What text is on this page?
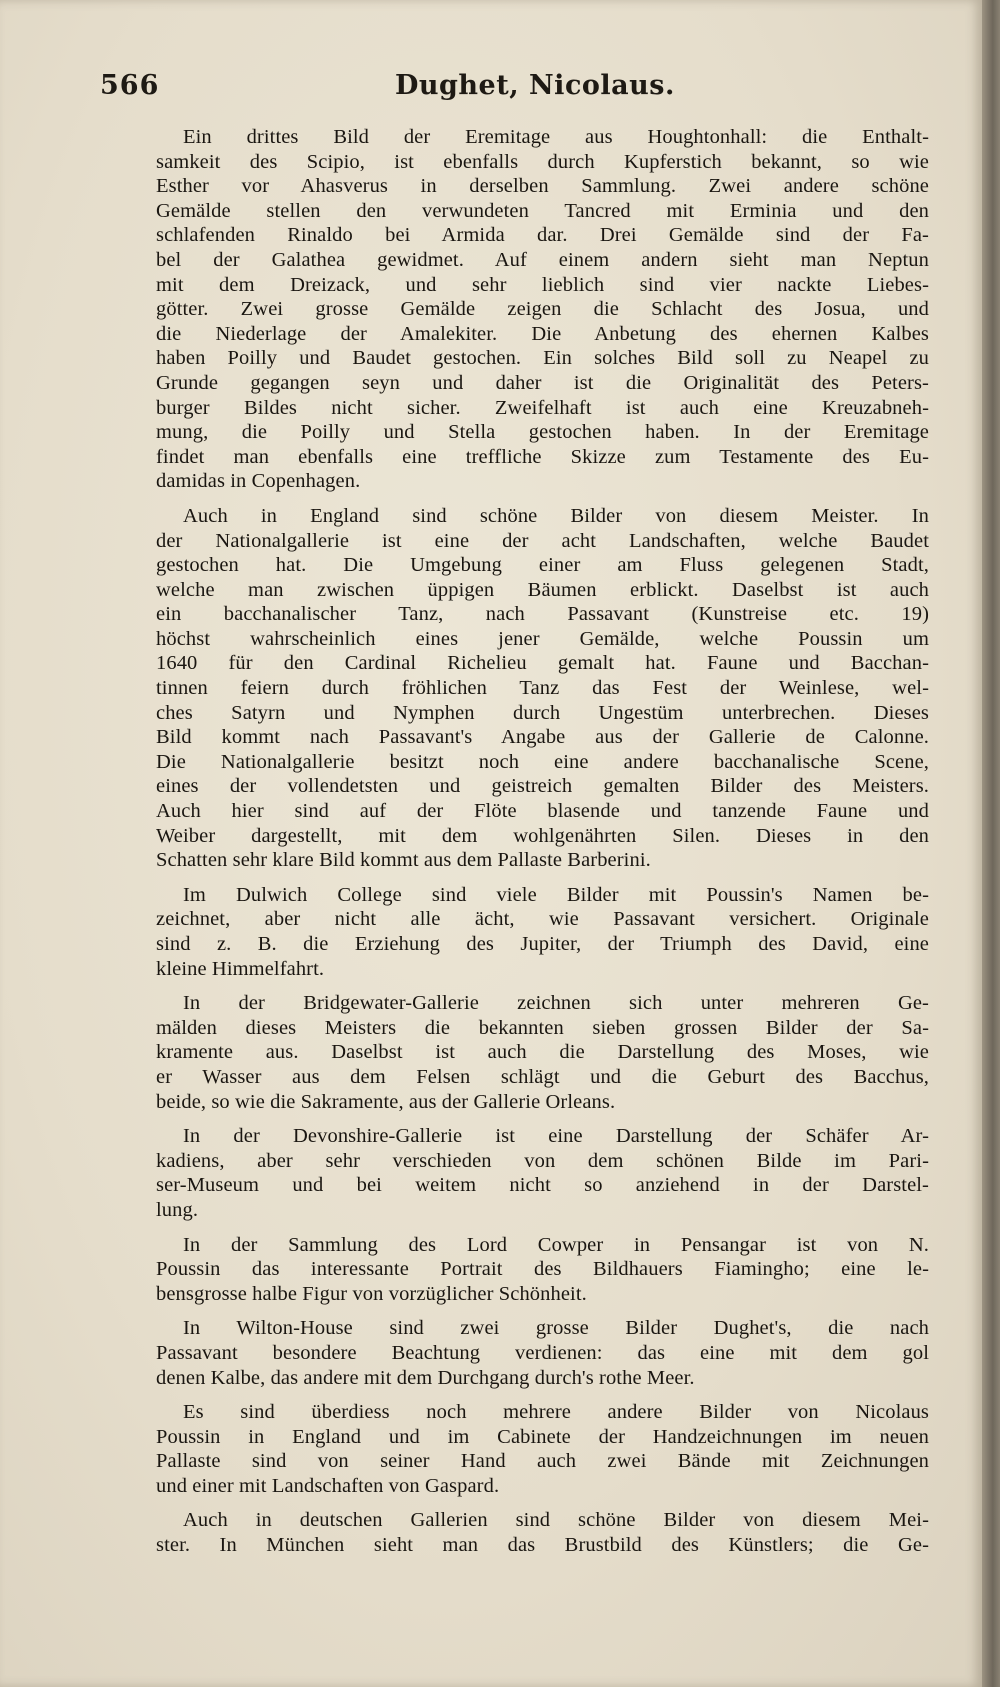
566	Dughet, Nicolaus.
Ein drittes Bild der Eremitage aus Houghtonhall: die Enthalt-
samkeit des Scipio, ist ebenfalls durch Kupferstich bekannt, so wie
Esther vor Ahasverus in derselben Sammlung. Zwei andere schöne
Gemälde stellen den verwundeten Tancred mit Erminia und den
schlafenden Rinaldo bei Armida dar. Drei Gemälde sind der Fa-
bel der Galathea gewidmet. Auf einem andern sieht man Neptun
mit dem Dreizack, und sehr lieblich sind vier nackte Liebes-
götter. Zwei grosse Gemälde zeigen die Schlacht des Josua, und
die Niederlage der Amalekiter. Die Anbetung des ehernen Kalbes
haben Poilly und Baudet gestochen. Ein solches Bild soll zu Neapel zu
Grunde gegangen seyn und daher ist die Originalität des Peters-
burger Bildes nicht sicher. Zweifelhaft ist auch eine Kreuzabneh-
mung, die Poilly und Stella gestochen haben. In der Eremitage
findet man ebenfalls eine treffliche Skizze zum Testamente des Eu-
damidas in Copenhagen.
Auch in England sind schöne Bilder von diesem Meister. In
der Nationalgallerie ist eine der acht Landschaften, welche Baudet
gestochen hat. Die Umgebung einer am Fluss gelegenen Stadt,
welche man zwischen üppigen Bäumen erblickt. Daselbst ist auch
ein bacchanalischer Tanz, nach Passavant (Kunstreise etc. 19)
höchst wahrscheinlich eines jener Gemälde, welche Poussin um
1640 für den Cardinal Richelieu gemalt hat. Faune und Bacchan-
tinnen feiern durch fröhlichen Tanz das Fest der Weinlese, wel-
ches Satyrn und Nymphen durch Ungestüm unterbrechen. Dieses
Bild kommt nach Passavant's Angabe aus der Gallerie de Calonne.
Die Nationalgallerie besitzt noch eine andere bacchanalische Scene,
eines der vollendetsten und geistreich gemalten Bilder des Meisters.
Auch hier sind auf der Flöte blasende und tanzende Faune und
Weiber dargestellt, mit dem wohlgenährten Silen. Dieses in den
Schatten sehr klare Bild kommt aus dem Pallaste Barberini.
Im Dulwich College sind viele Bilder mit Poussin's Namen be-
zeichnet, aber nicht alle ächt, wie Passavant versichert. Originale
sind z. B. die Erziehung des Jupiter, der Triumph des David, eine
kleine Himmelfahrt.
In der Bridgewater-Gallerie zeichnen sich unter mehreren Ge-
mälden dieses Meisters die bekannten sieben grossen Bilder der Sa-
kramente aus. Daselbst ist auch die Darstellung des Moses, wie
er Wasser aus dem Felsen schlägt und die Geburt des Bacchus,
beide, so wie die Sakramente, aus der Gallerie Orleans.
In der Devonshire-Gallerie ist eine Darstellung der Schäfer Ar-
kadiens, aber sehr verschieden von dem schönen Bilde im Pari-
ser-Museum und bei weitem nicht so anziehend in der Darstel-
lung.
In der Sammlung des Lord Cowper in Pensangar ist von N.
Poussin das interessante Portrait des Bildhauers Fiamingho; eine le-
bensgrosse halbe Figur von vorzüglicher Schönheit.
In Wilton-House sind zwei grosse Bilder Dughet's, die nach
Passavant besondere Beachtung verdienen: das eine mit dem gol
denen Kalbe, das andere mit dem Durchgang durch's rothe Meer.
Es sind überdiess noch mehrere andere Bilder von Nicolaus
Poussin in England und im Cabinete der Handzeichnungen im neuen
Pallaste sind von seiner Hand auch zwei Bände mit Zeichnungen
und einer mit Landschaften von Gaspard.
Auch in deutschen Gallerien sind schöne Bilder von diesem Mei-
ster. In München sieht man das Brustbild des Künstlers; die Ge-
